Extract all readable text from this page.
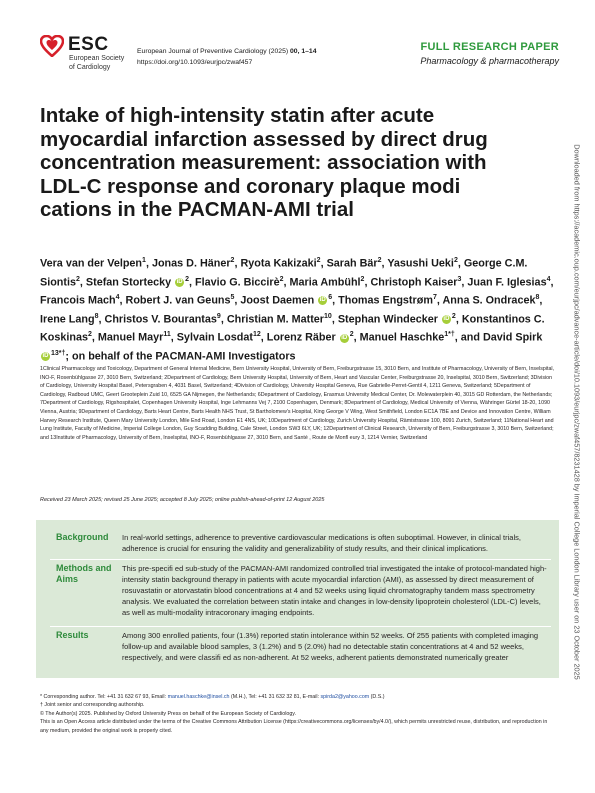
ESC
European Society
of Cardiology
European Journal of Preventive Cardiology (2025) 00, 1–14
https://doi.org/10.1093/eurjpc/zwaf457
FULL RESEARCH PAPER
Pharmacology & pharmacotherapy
Intake of high-intensity statin after acute myocardial infarction assessed by direct drug concentration measurement: association with LDL-C response and coronary plaque modi  cations in the PACMAN-AMI trial
Vera van der Velpen$^1$, Jonas D. Häner$^2$, Ryota Kakizaki$^2$, Sarah Bär$^2$, Yasushi Ueki$^2$, George C.M. Siontis$^2$, Stefan Stortecky iD $^2$, Flavio G. Biccirè$^2$, Maria Ambühl$^2$, Christoph Kaiser$^3$, Juan F. Iglesias$^4$, Francois Mach$^4$, Robert J. van Geuns$^5$, Joost Daemen iD $^6$, Thomas Engstrøm$^7$, Anna S. Ondracek$^8$, Irene Lang$^8$, Christos V. Bourantas$^9$, Christian M. Matter$^{10}$, Stephan Windecker iD $^2$, Konstantinos C. Koskinas$^2$, Manuel Mayr$^{11}$, Sylvain Losdat$^{12}$, Lorenz Räber iD $^2$, Manuel Haschke$^{1*\dagger}$, and David Spirk iD $^{13*\dagger}$; on behalf of the PACMAN-AMI Investigators
1Clinical Pharmacology and Toxicology, Department of General Internal Medicine, Bern University Hospital, University of Bern, Freiburgstrasse 15, 3010 Bern, and Institute of Pharmacology, University of Bern, Inselspital, INO-F, Rosenbühlgasse 27, 3010 Bern, Switzerland; 2Department of Cardiology, Bern University Hospital, University of Bern, Heart and Vascular Center, Freiburgstrasse 20, Inselspital, 3010 Bern, Switzerland; 3Division of Cardiology, University Hospital Basel, Petersgraben 4, 4031 Basel, Switzerland; 4Division of Cardiology, University Hospital Geneva, Rue Gabrielle-Perret-Gentil 4, 1211 Geneva, Switzerland; 5Department of Cardiology, Radboud UMC, Geert Grooteplein Zuid 10, 6525 GA Nijmegen, the Netherlands; 6Department of Cardiology, Erasmus University Medical Center, Dr. Molewaterplein 40, 3015 GD Rotterdam, the Netherlands; 7Department of Cardiology, Rigshospitalet, Copenhagen University Hospital, Inge Lehmanns Vej 7, 2100 Copenhagen, Denmark; 8Department of Cardiology, Medical University of Vienna, Währinger Gürtel 18-20, 1090 Vienna, Austria; 9Department of Cardiology, Barts Heart Centre, Barts Health NHS Trust, St Bartholomew's Hospital, King George V Wing, West Smithfield, London EC1A 7BE and Device and Innovation Centre, William Harvey Research Institute, Queen Mary University London, Mile End Road, London E1 4NS, UK; 10Department of Cardiology, Zurich University Hospital, Rämistrasse 100, 8091 Zurich, Switzerland; 11National Heart and Lung Institute, Faculty of Medicine, Imperial College London, Guy Scadding Building, Cale Street, London SW3 6LY, UK; 12Department of Clinical Research, University of Bern, Freiburgstrasse 3, 3010 Bern, Switzerland; and 13Institute of Pharmacology, University of Bern, Inselspital, INO-F, Rosenbühlgasse 27, 3010 Bern, and Santé , Route de Monfl eury 3, 1214 Vernier, Switzerland
Received 23 March 2025; revised 25 June 2025; accepted 8 July 2025; online publish-ahead-of-print 12 August 2025
Background In real-world settings, adherence to preventive cardiovascular medications is often suboptimal. However, in clinical trials, adherence is crucial for ensuring the validity and generalizability of study results, and their clinical implications.
Methods and Aims
This pre-specifi ed sub-study of the PACMAN-AMI randomized controlled trial investigated the intake of protocol-mandated high-intensity statin background therapy in patients with acute myocardial infarction (AMI), as assessed by direct measurement of rosuvastatin or atorvastatin blood concentrations at 4 and 52 weeks using liquid chromatography tandem mass spectrometry analysis. We evaluated the correlation between statin intake and changes in low-density lipoprotein cholesterol (LDL-C) levels, as well as multi-modality intracoronary imaging endpoints.
Results	Among 300 enrolled patients, four (1.3%) reported statin intolerance within 52 weeks. Of 255 patients with completed imaging follow-up and available blood samples, 3 (1.2%) and 5 (2.0%) had no detectable statin concentrations at 4 and 52 weeks, respectively, and were classifi ed as non-adherent. At 52 weeks, adherent patients demonstrated numerically greater
* Corresponding author. Tel: +41 31 632 67 93, Email: manuel.haschke@insel.ch (M.H.), Tel: +41 31 632 32 81, E-mail: spirda2@yahoo.com (D.S.)
† Joint senior and corresponding authorship.
© The Author(s) 2025. Published by Oxford University Press on behalf of the European Society of Cardiology.
This is an Open Access article distributed under the terms of the Creative Commons Attribution License (https://creativecommons.org/licenses/by/4.0/), which permits unrestricted reuse, distribution, and reproduction in any medium, provided the original work is properly cited.
Downloaded from https://academic.oup.com/eurjpc/advance-article/doi/10.1093/eurjpc/zwaf457/8231428 by Imperial College London Library user on 23 October 2025
